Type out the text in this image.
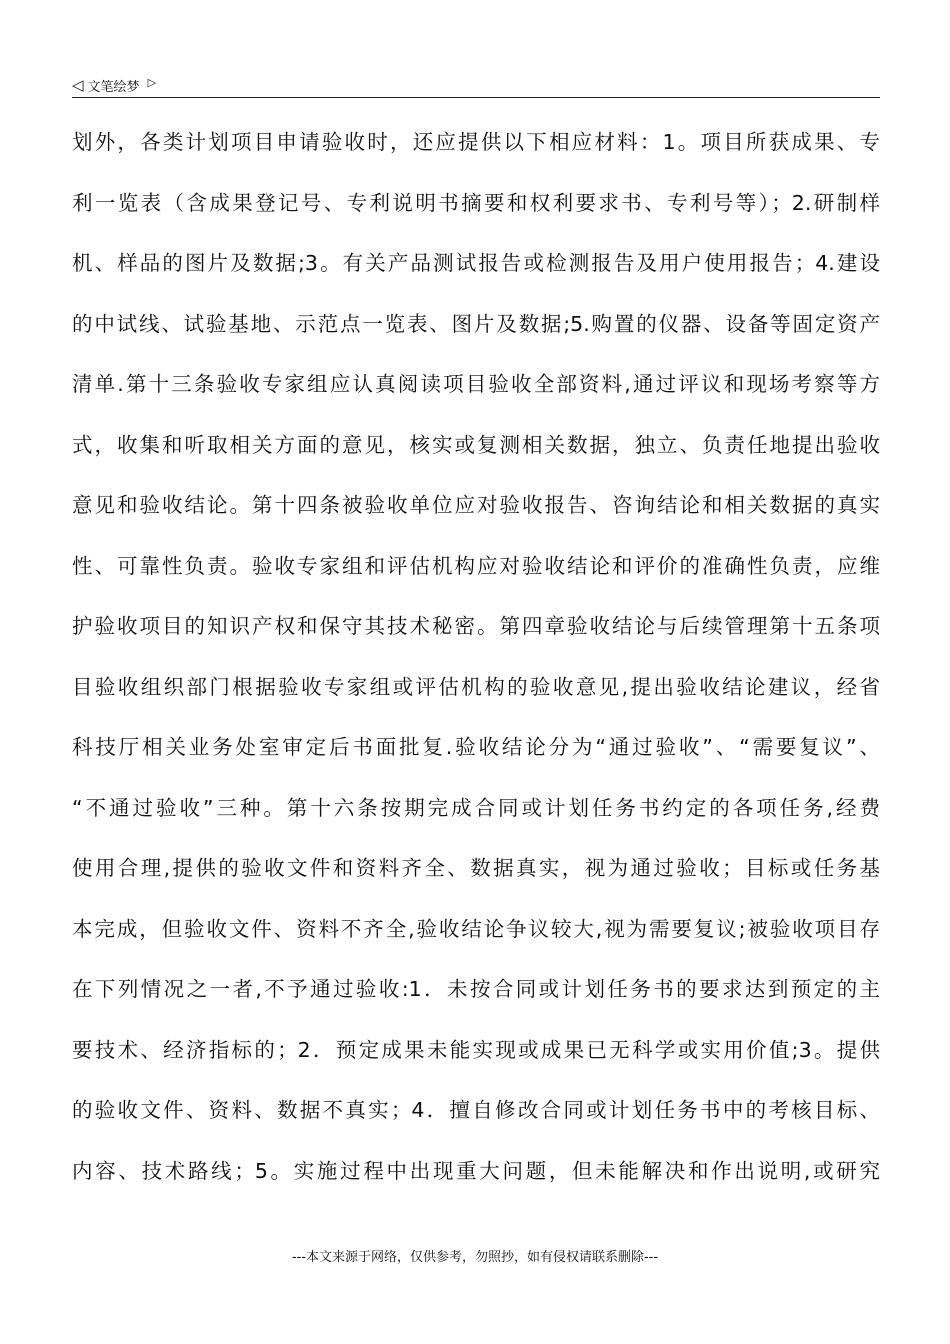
◁ 文笔绘梦 ▷
划外，各类计划项目申请验收时，还应提供以下相应材料：1。项目所获成果、专
利一览表（含成果登记号、专利说明书摘要和权利要求书、专利号等）；2.研制样
机、样品的图片及数据;3。有关产品测试报告或检测报告及用户使用报告；4.建设
的中试线、试验基地、示范点一览表、图片及数据;5.购置的仪器、设备等固定资产
清单.第十三条验收专家组应认真阅读项目验收全部资料,通过评议和现场考察等方
式，收集和听取相关方面的意见，核实或复测相关数据，独立、负责任地提出验收
意见和验收结论。第十四条被验收单位应对验收报告、咨询结论和相关数据的真实
性、可靠性负责。验收专家组和评估机构应对验收结论和评价的准确性负责，应维
护验收项目的知识产权和保守其技术秘密。第四章验收结论与后续管理第十五条项
目验收组织部门根据验收专家组或评估机构的验收意见,提出验收结论建议，经省
科技厅相关业务处室审定后书面批复.验收结论分为“通过验收”、“需要复议”、
“不通过验收”三种。第十六条按期完成合同或计划任务书约定的各项任务,经费
使用合理,提供的验收文件和资料齐全、数据真实，视为通过验收；目标或任务基
本完成，但验收文件、资料不齐全,验收结论争议较大,视为需要复议;被验收项目存
在下列情况之一者,不予通过验收:1．未按合同或计划任务书的要求达到预定的主
要技术、经济指标的；2．预定成果未能实现或成果已无科学或实用价值;3。提供
的验收文件、资料、数据不真实；4．擅自修改合同或计划任务书中的考核目标、
内容、技术路线；5。实施过程中出现重大问题，但未能解决和作出说明,或研究
---本文来源于网络，仅供参考，勿照抄，如有侵权请联系删除---
